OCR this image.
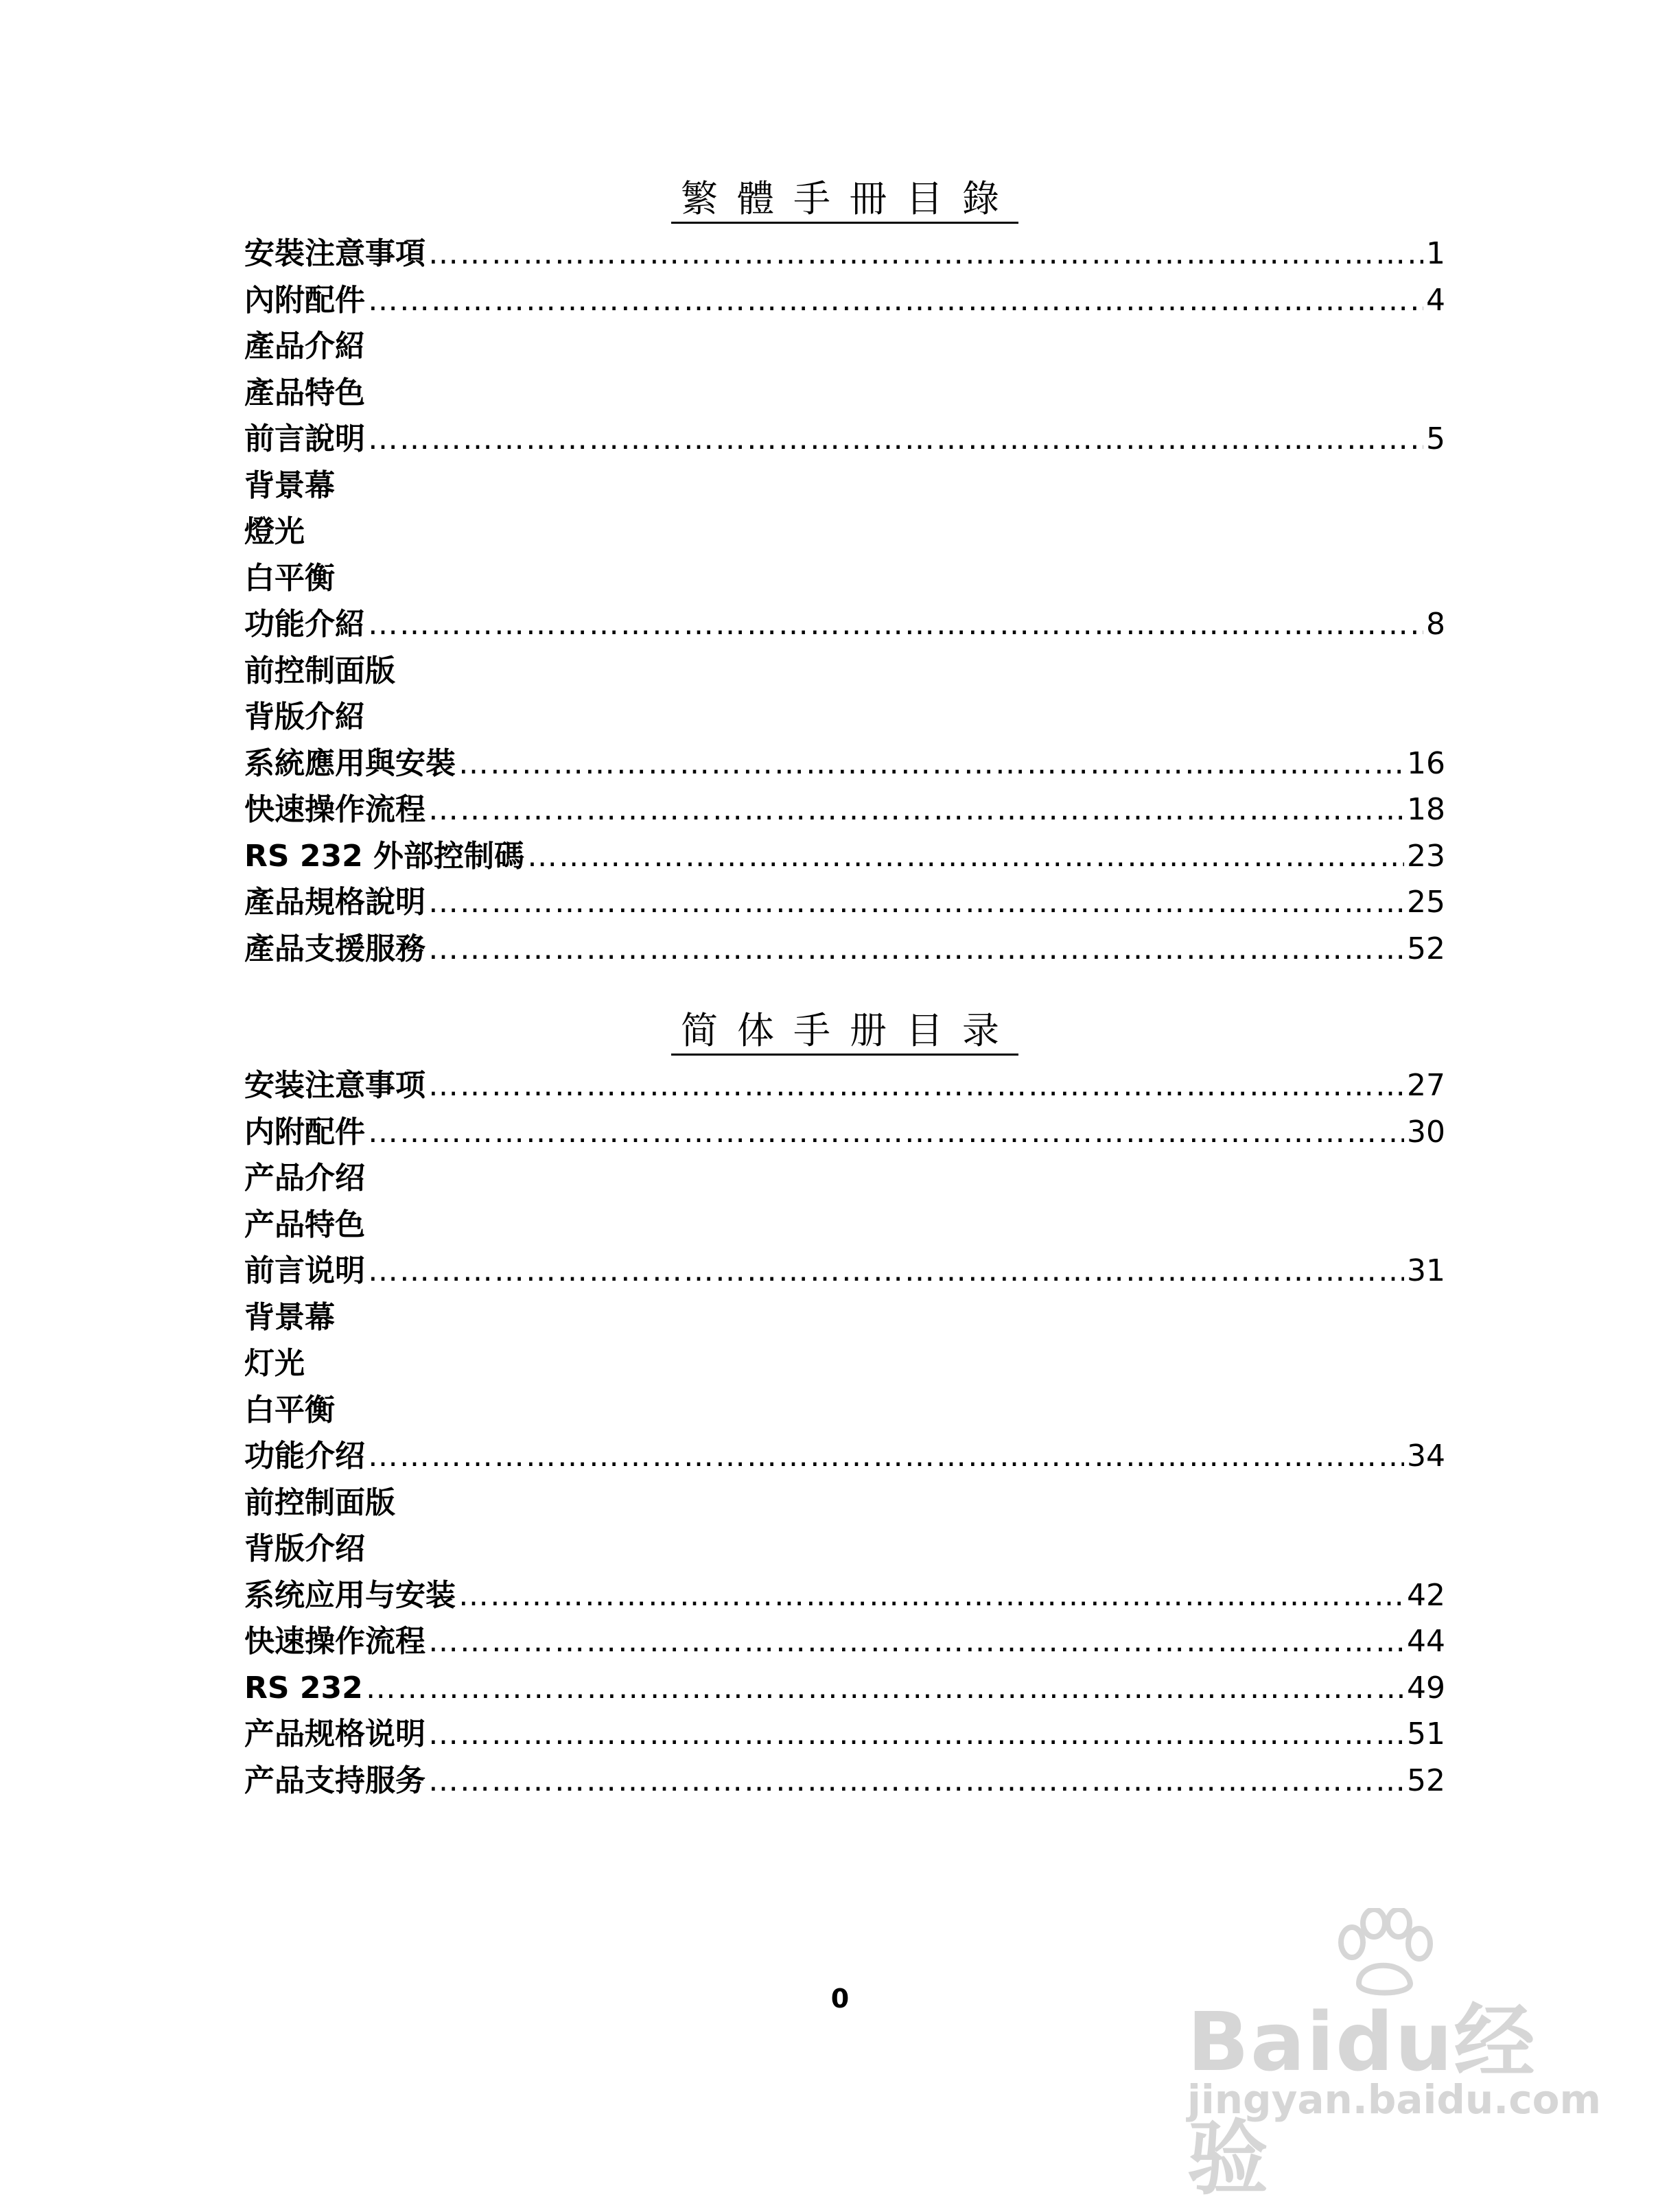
繁體手冊目錄
安裝注意事項 ………………………………………………………………………………………………………………………………………………………	1
內附配件 ………………………………………………………………………………………………………………………………………………………	4
產品介紹
產品特色
前言說明 ………………………………………………………………………………………………………………………………………………………	5
背景幕
燈光
白平衡
功能介紹 ………………………………………………………………………………………………………………………………………………………	8
前控制面版
背版介紹
系統應用與安裝 ………………………………………………………………………………………………………………………………………………………	16
快速操作流程 ………………………………………………………………………………………………………………………………………………………	18
RS 232 外部控制碼 ………………………………………………………………………………………………………………………………………………………	23
產品規格說明 ………………………………………………………………………………………………………………………………………………………	25
產品支援服務 ………………………………………………………………………………………………………………………………………………………	52
简体手册目录
安装注意事项 ………………………………………………………………………………………………………………………………………………………	27
内附配件 ………………………………………………………………………………………………………………………………………………………	30
产品介绍
产品特色
前言说明 ………………………………………………………………………………………………………………………………………………………	31
背景幕
灯光
白平衡
功能介绍 ………………………………………………………………………………………………………………………………………………………	34
前控制面版
背版介绍
系统应用与安装 ………………………………………………………………………………………………………………………………………………………	42
快速操作流程 ………………………………………………………………………………………………………………………………………………………	44
RS 232 ………………………………………………………………………………………………………………………………………………………	49
产品规格说明 ………………………………………………………………………………………………………………………………………………………	51
产品支持服务 ………………………………………………………………………………………………………………………………………………………	52
0	Baidu经验
jingyan.baidu.com
